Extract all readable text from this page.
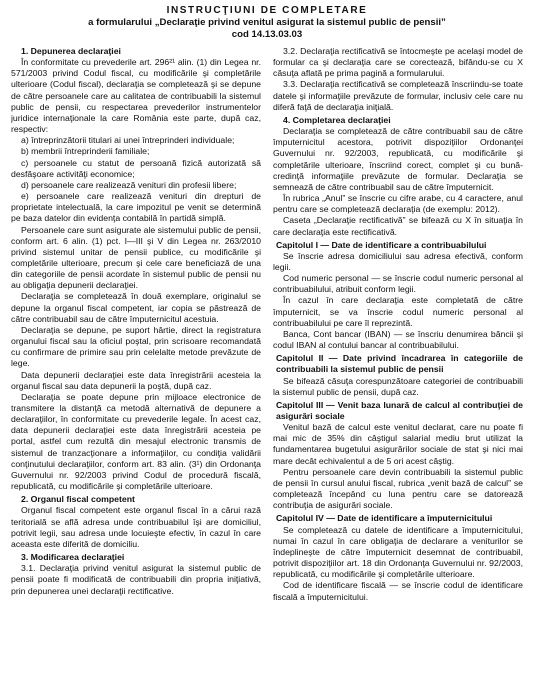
INSTRUCŢIUNI DE COMPLETARE
a formularului „Declaraţie privind venitul asigurat la sistemul public de pensii”
cod 14.13.03.03

1. Depunerea declaraţiei

În conformitate cu prevederile art. 296²¹ alin. (1) din Legea nr. 571/2003 privind Codul fiscal, cu modificările şi completările ulterioare (Codul fiscal), declaraţia se completează şi se depune de către persoanele care au calitatea de contribuabili la sistemul public de pensii, cu respectarea prevederilor instrumentelor juridice internaţionale la care România este parte, după caz, respectiv:

a) întreprinzătorii titulari ai unei întreprinderi individuale;

b) membrii întreprinderii familiale;

c) persoanele cu statut de persoană fizică autorizată să desfăşoare activităţi economice;

d) persoanele care realizează venituri din profesii libere;

e) persoanele care realizează venituri din drepturi de proprietate intelectuală, la care impozitul pe venit se determină pe baza datelor din evidenţa contabilă în partidă simplă.

Persoanele care sunt asigurate ale sistemului public de pensii, conform art. 6 alin. (1) pct. I—III şi V din Legea nr. 263/2010 privind sistemul unitar de pensii publice, cu modificările şi completările ulterioare, precum şi cele care beneficiază de una din categoriile de pensii acordate în sistemul public de pensii nu au obligaţia depunerii declaraţiei.

Declaraţia se completează în două exemplare, originalul se depune la organul fiscal competent, iar copia se păstrează de către contribuabil sau de către împuternicitul acestuia.

Declaraţia se depune, pe suport hârtie, direct la registratura organului fiscal sau la oficiul poştal, prin scrisoare recomandată cu confirmare de primire sau prin celelalte metode prevăzute de lege.

Data depunerii declaraţiei este data înregistrării acesteia la organul fiscal sau data depunerii la poştă, după caz.

Declaraţia se poate depune prin mijloace electronice de transmitere la distanţă ca metodă alternativă de depunere a declaraţiilor, în conformitate cu prevederile legale. În acest caz, data depunerii declaraţiei este data înregistrării acesteia pe portal, astfel cum rezultă din mesajul electronic transmis de sistemul de tranzacţionare a informaţiilor, cu condiţia validării conţinutului declaraţiilor, conform art. 83 alin. (3¹) din Ordonanţa Guvernului nr. 92/2003 privind Codul de procedură fiscală, republicată, cu modificările şi completările ulterioare.

2. Organul fiscal competent

Organul fiscal competent este organul fiscal în a cărui rază teritorială se află adresa unde contribuabilul îşi are domiciliul, potrivit legii, sau adresa unde locuieşte efectiv, în cazul în care aceasta este diferită de domiciliu.

3. Modificarea declaraţiei

3.1. Declaraţia privind venitul asigurat la sistemul public de pensii poate fi modificată de contribuabili din propria iniţiativă, prin depunerea unei declaraţii rectificative.

3.2. Declaraţia rectificativă se întocmeşte pe acelaşi model de formular ca şi declaraţia care se corectează, bifându-se cu X căsuţa aflată pe prima pagină a formularului.

3.3. Declaraţia rectificativă se completează înscriindu-se toate datele şi informaţiile prevăzute de formular, inclusiv cele care nu diferă faţă de declaraţia iniţială.

4. Completarea declaraţiei

Declaraţia se completează de către contribuabil sau de către împuternicitul acestora, potrivit dispoziţiilor Ordonanţei Guvernului nr. 92/2003, republicată, cu modificările şi completările ulterioare, înscriind corect, complet şi cu bună-credinţă informaţiile prevăzute de formular. Declaraţia se semnează de către contribuabil sau de către împuternicit.

În rubrica „Anul” se înscrie cu cifre arabe, cu 4 caractere, anul pentru care se completează declaraţia (de exemplu: 2012).

Caseta „Declaraţie rectificativă” se bifează cu X în situaţia în care declaraţia este rectificativă.

Capitolul I — Date de identificare a contribuabilului

Se înscrie adresa domiciliului sau adresa efectivă, conform legii.

Cod numeric personal — se înscrie codul numeric personal al contribuabilului, atribuit conform legii.

În cazul în care declaraţia este completată de către împuternicit, se va înscrie codul numeric personal al contribuabilului pe care îl reprezintă.

Banca, Cont bancar (IBAN) — se înscriu denumirea băncii şi codul IBAN al contului bancar al contribuabilului.

Capitolul II — Date privind încadrarea în categoriile de contribuabili la sistemul public de pensii

Se bifează căsuţa corespunzătoare categoriei de contribuabili la sistemul public de pensii, după caz.

Capitolul III — Venit baza lunară de calcul al contribuţiei de asigurări sociale

Venitul bază de calcul este venitul declarat, care nu poate fi mai mic de 35% din câştigul salarial mediu brut utilizat la fundamentarea bugetului asigurărilor sociale de stat şi nici mai mare decât echivalentul a de 5 ori acest câştig.

Pentru persoanele care devin contribuabili la sistemul public de pensii în cursul anului fiscal, rubrica „venit bază de calcul” se completează începând cu luna pentru care se datorează contribuţia de asigurări sociale.

Capitolul IV — Date de identificare a împuternicitului

Se completează cu datele de identificare a împuternicitului, numai în cazul în care obligaţia de declarare a veniturilor se îndeplineşte de către împuternicit desemnat de contribuabil, potrivit dispoziţiilor art. 18 din Ordonanţa Guvernului nr. 92/2003, republicată, cu modificările şi completările ulterioare.

Cod de identificare fiscală — se înscrie codul de identificare fiscală a împuternicitului.
